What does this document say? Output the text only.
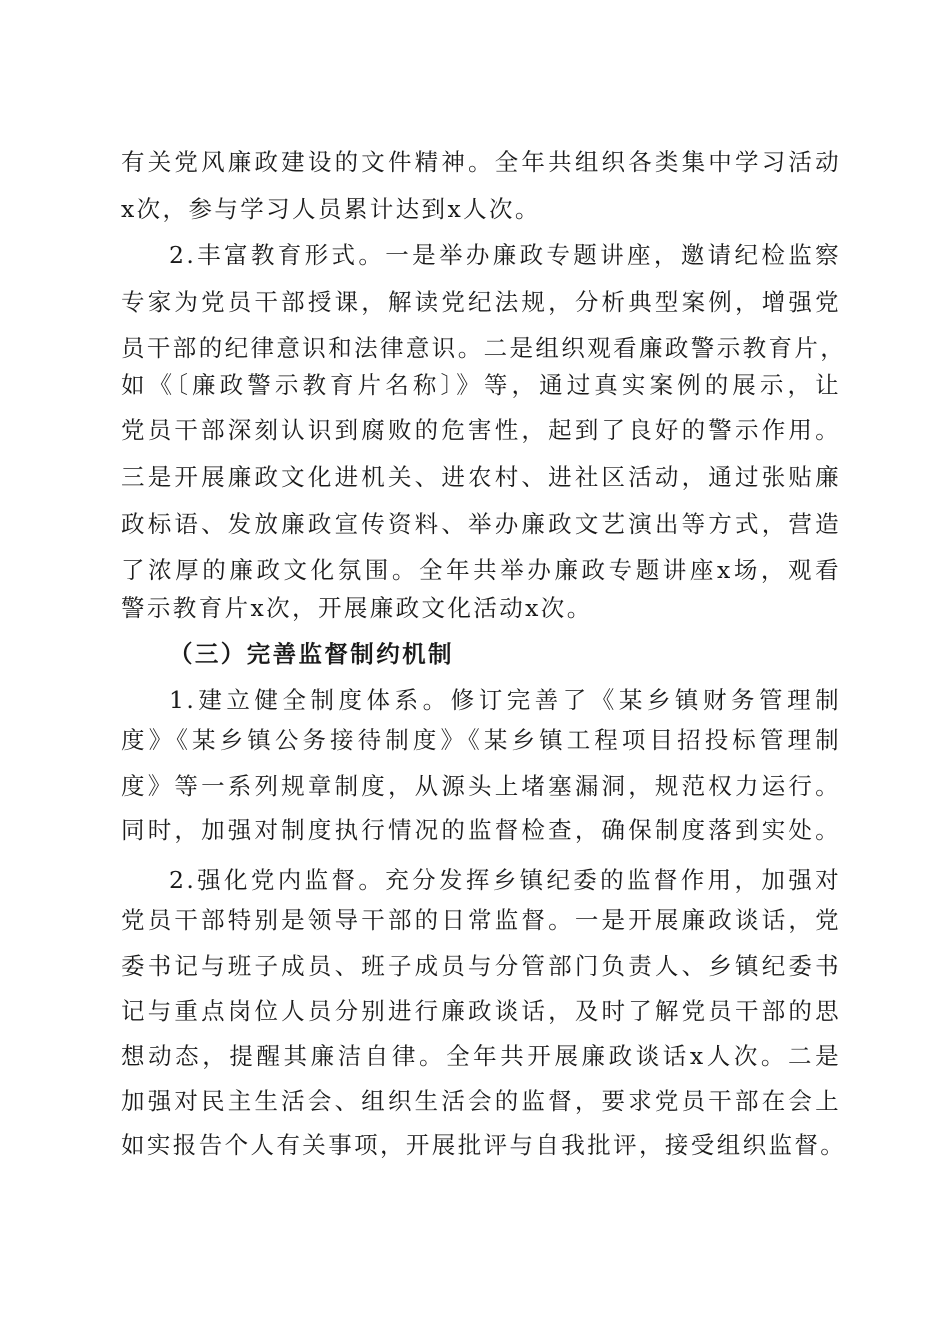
有关党风廉政建设的文件精神。全年共组织各类集中学习活动
x次，参与学习人员累计达到x人次。
2.丰富教育形式。一是举办廉政专题讲座，邀请纪检监察
专家为党员干部授课，解读党纪法规，分析典型案例，增强党
员干部的纪律意识和法律意识。二是组织观看廉政警示教育片，
如《〔廉政警示教育片名称〕》等，通过真实案例的展示，让
党员干部深刻认识到腐败的危害性，起到了良好的警示作用。
三是开展廉政文化进机关、进农村、进社区活动，通过张贴廉
政标语、发放廉政宣传资料、举办廉政文艺演出等方式，营造
了浓厚的廉政文化氛围。全年共举办廉政专题讲座x场，观看
警示教育片x次，开展廉政文化活动x次。
（三）完善监督制约机制
1.建立健全制度体系。修订完善了《某乡镇财务管理制
度》《某乡镇公务接待制度》《某乡镇工程项目招投标管理制
度》等一系列规章制度，从源头上堵塞漏洞，规范权力运行。
同时，加强对制度执行情况的监督检查，确保制度落到实处。
2.强化党内监督。充分发挥乡镇纪委的监督作用，加强对
党员干部特别是领导干部的日常监督。一是开展廉政谈话，党
委书记与班子成员、班子成员与分管部门负责人、乡镇纪委书
记与重点岗位人员分别进行廉政谈话，及时了解党员干部的思
想动态，提醒其廉洁自律。全年共开展廉政谈话x人次。二是
加强对民主生活会、组织生活会的监督，要求党员干部在会上
如实报告个人有关事项，开展批评与自我批评，接受组织监督。
